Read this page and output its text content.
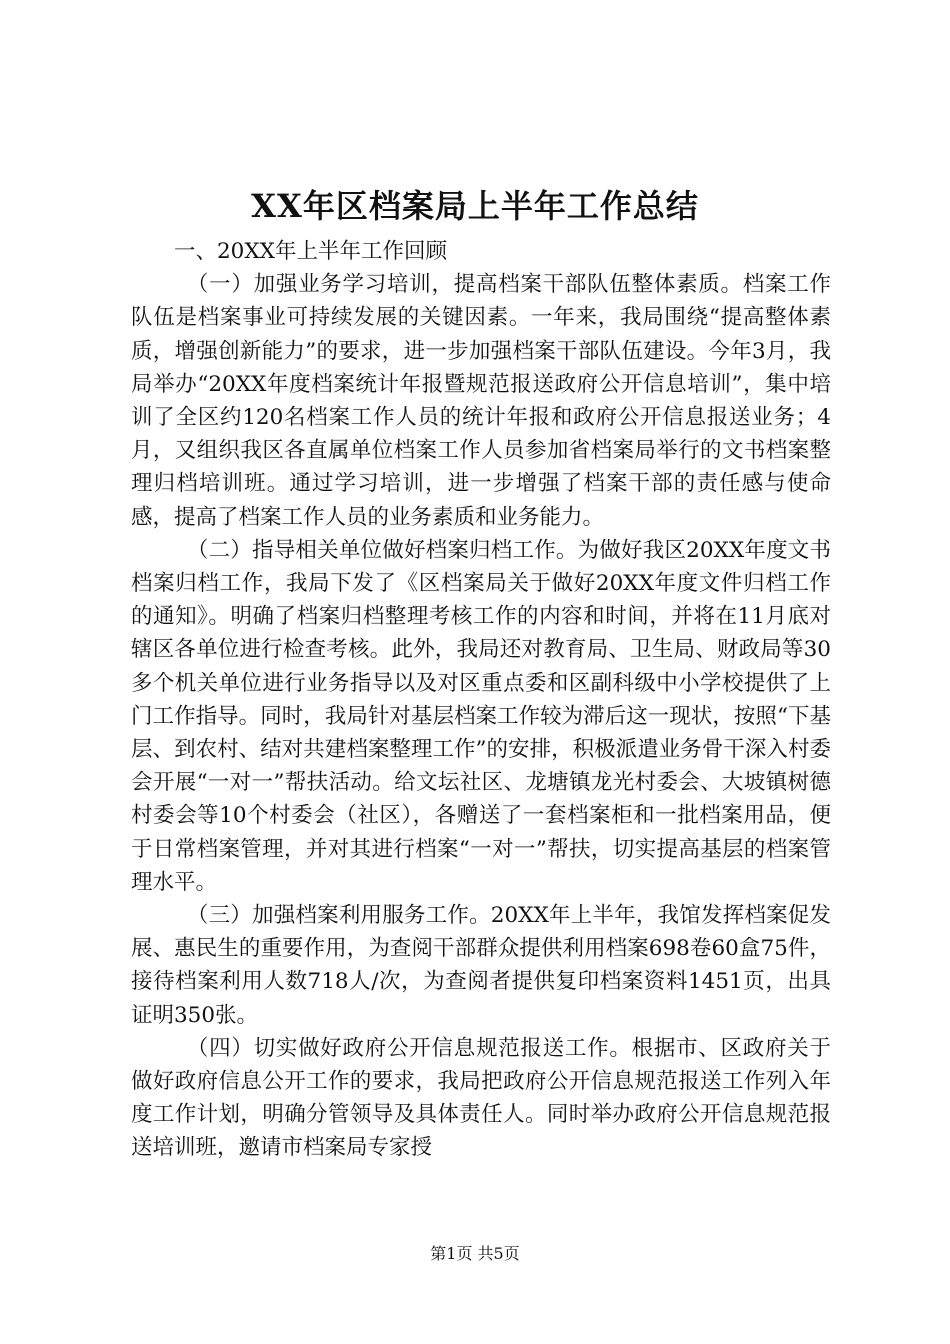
XX年区档案局上半年工作总结

一、20XX年上半年工作回顾

（一）加强业务学习培训，提高档案干部队伍整体素质。档案工作队伍是档案事业可持续发展的关键因素。一年来，我局围绕“提高整体素质，增强创新能力”的要求，进一步加强档案干部队伍建设。今年3月，我局举办“20XX年度档案统计年报暨规范报送政府公开信息培训”，集中培训了全区约120名档案工作人员的统计年报和政府公开信息报送业务；4月，又组织我区各直属单位档案工作人员参加省档案局举行的文书档案整理归档培训班。通过学习培训，进一步增强了档案干部的责任感与使命感，提高了档案工作人员的业务素质和业务能力。

（二）指导相关单位做好档案归档工作。为做好我区20XX年度文书档案归档工作，我局下发了《区档案局关于做好20XX年度文件归档工作的通知》。明确了档案归档整理考核工作的内容和时间，并将在11月底对辖区各单位进行检查考核。此外，我局还对教育局、卫生局、财政局等30多个机关单位进行业务指导以及对区重点委和区副科级中小学校提供了上门工作指导。同时，我局针对基层档案工作较为滞后这一现状，按照“下基层、到农村、结对共建档案整理工作”的安排，积极派遣业务骨干深入村委会开展“一对一”帮扶活动。给文坛社区、龙塘镇龙光村委会、大坡镇树德村委会等10个村委会（社区），各赠送了一套档案柜和一批档案用品，便于日常档案管理，并对其进行档案“一对一”帮扶，切实提高基层的档案管理水平。

（三）加强档案利用服务工作。20XX年上半年，我馆发挥档案促发展、惠民生的重要作用，为查阅干部群众提供利用档案698卷60盒75件，接待档案利用人数718人/次，为查阅者提供复印档案资料1451页，出具证明350张。

（四）切实做好政府公开信息规范报送工作。根据市、区政府关于做好政府信息公开工作的要求，我局把政府公开信息规范报送工作列入年度工作计划，明确分管领导及具体责任人。同时举办政府公开信息规范报送培训班，邀请市档案局专家授

第1页 共5页
